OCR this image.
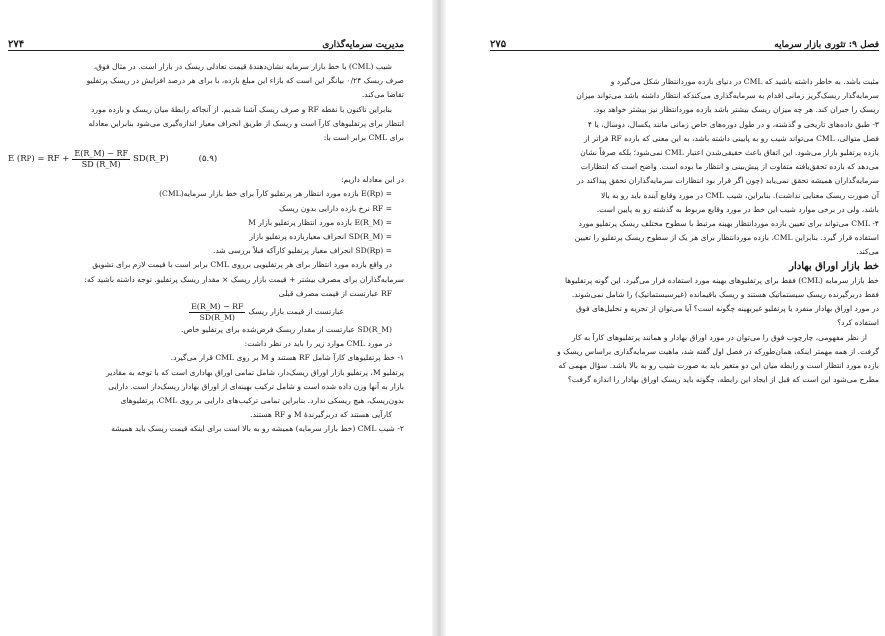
۲۷۴	مدیریت سرمایه‌گذاری

شیب (CML) یا خط بازار سرمایه نشان‌دهندهٔ قیمت تعادلی ریسک در بازار است. در مثال فوق،

صرف ریسک ۰/۲۴ بیانگر این است که بازاء این مبلغ بازده، با برای هر درصد افزایش در ریسک پرتفلیو

تقاضا می‌کند.

بنابراین تاکنون با نقطه RF و صرف ریسک آشنا شدیم. از آنجاکه رابطهٔ میان ریسک و بازده مورد

انتظار برای پرتفلیوهای کارآ است و ریسک از طریق انحراف معیار اندازه‌گیری می‌شود بنابراین معادله

برای CML برابر است با:

E (R P ) = RF + $\frac{E(R\_M) - RF}{SD (R\_M)}$ SD(R_P)	(۵.۹)

در این معادله داریم:

= E(Rp) بازده مورد انتظار هر پرتفلیو کارآ برای خط بازار سرمایه(CML)

= RF نرخ بازده دارایی بدون ریسک

= E(R_M) بازده مورد انتظار پرتفلیو بازار M

= SD(R_M) انحراف معیاربازده پرتفلیو بازار

= SD(Rp) انحراف معیار پرتفلیو کارآکه قبلاً بررسی شد.

در واقع بازده مورد انتظار برای هر پرتفلیویی برروی CML برابر است با قیمت لازم برای تشویق

سرمایه‌گذاران برای مصرف بیشتر + قیمت بازار ریسک × مقدار ریسک پرتفلیو. توجه داشته باشید که:

RF عبارتست از قیمت مصرف قبلی

عبارتست از قیمت بازار ریسک
$\frac{E(R\_M) - RF}{SD(R\_M)}$

SD(R_M) عبارتست از مقدار ریسک فرض‌شده برای پرتفلیو خاص.

در مورد CML موارد زیر را باید در نظر داشت:

۱- خط پرتفلیوهای کارآ شامل RF هستند و M بر روی CML قرار می‌گیرد.

پرتفلیو M، پرتفلیو بازار اوراق ریسک‌دار، شامل تمامی اوراق بهاداری است که با توجه به مقادیر

بازار به آنها وزن داده شده است و شامل ترکیب بهینه‌ای از اوراق بهادار ریسک‌دار است. دارایی

بدون‌ریسک، هیچ ریسکی ندارد. بنابراین تمامی ترکیب‌های دارایی بر روی CML، پرتفلیوهای

کارآیی هستند که دربرگیرندهٔ M و RF هستند.

۲- شیب CML (خط بازار سرمایه) همیشه رو به بالا است برای اینکه قیمت ریسک باید همیشه

۲۷۵	فصل ۹: تئوری بازار سرمایه

مثبت باشد. به خاطر داشته باشید که CML در دنیای بازده موردانتظار شکل می‌گیرد و

سرمایه‌گذار ریسک‌گریز زمانی اقدام به سرمایه‌گذاری می‌کندکه انتظار داشته باشد می‌تواند میزان

ریسک را جبران کند. هر چه میزان ریسک بیشتر باشد بازده موردانتظار نیز بیشتر خواهد بود.

۳- طبق داده‌های تاریخی و گذشته، و در طول دوره‌های خاص زمانی مانند یکسال، دوسال، یا ۴

فصل متوالی، CML می‌تواند شیب رو به پایینی داشته باشد، به این معنی که بازده RF فراتر از

بازده پرتفلیو بازار می‌شود. این اتفاق باعث حقیقی‌شدن اعتبار CML نمی‌شود؛ بلکه صرفاً نشان

می‌دهد که بازده تحقق‌یافته متفاوت از پیش‌بینی و انتظار ما بوده است. واضح است که انتظارات

سرمایه‌گذاران همیشه تحقق نمی‌یابد (چون اگر قرار بود انتظارات سرمایه‌گذاران تحقق پیداکند در

آن صورت ریسک معنایی نداشت). بنابراین، شیب CML در مورد وقایع آینده باید رو به بالا

باشد، ولی در برخی موارد شیب این خط در مورد وقایع مربوط به گذشته رو به پایین است.

۴- CML می‌تواند برای تعیین بازده موردانتظار بهینه مرتبط با سطوح مختلف ریسک پرتفلیو مورد

استفاده قرار گیرد. بنابراین CML، بازده موردانتظار برای هر یک از سطوح ریسک پرتفلیو را تعیین

می‌کند.

خط بازار اوراق بهادار

خط بازار سرمایه (CML) فقط برای پرتفلیوهای بهینه مورد استفاده قرار می‌گیرد. این گونه پرتفلیوها

فقط دربرگیرنده ریسک سیستماتیک هستند و ریسک باقیمانده (غیرسیستماتیک) را شامل نمی‌شوند.

در مورد اوراق بهادار منفرد یا پرتفلیو غیربهینه چگونه است؟ آیا می‌توان از تجزیه و تحلیل‌های فوق

استفاده کرد؟

از نظر مفهومی، چارچوب فوق را می‌توان در مورد اوراق بهادار و همانند پرتفلیوهای کارآ به کار

گرفت. از همه مهمتر اینکه، همان‌طورکه در فصل اول گفته شد، ماهیت سرمایه‌گذاری براساس ریسک و

بازده مورد انتظار است و رابطه میان این دو متغیر باید به صورت شیب رو به بالا باشد. سؤال مهمی که

مطرح می‌شود این است که قبل از ایجاد این رابطه، چگونه باید ریسک اوراق بهادار را اندازه گرفت؟
